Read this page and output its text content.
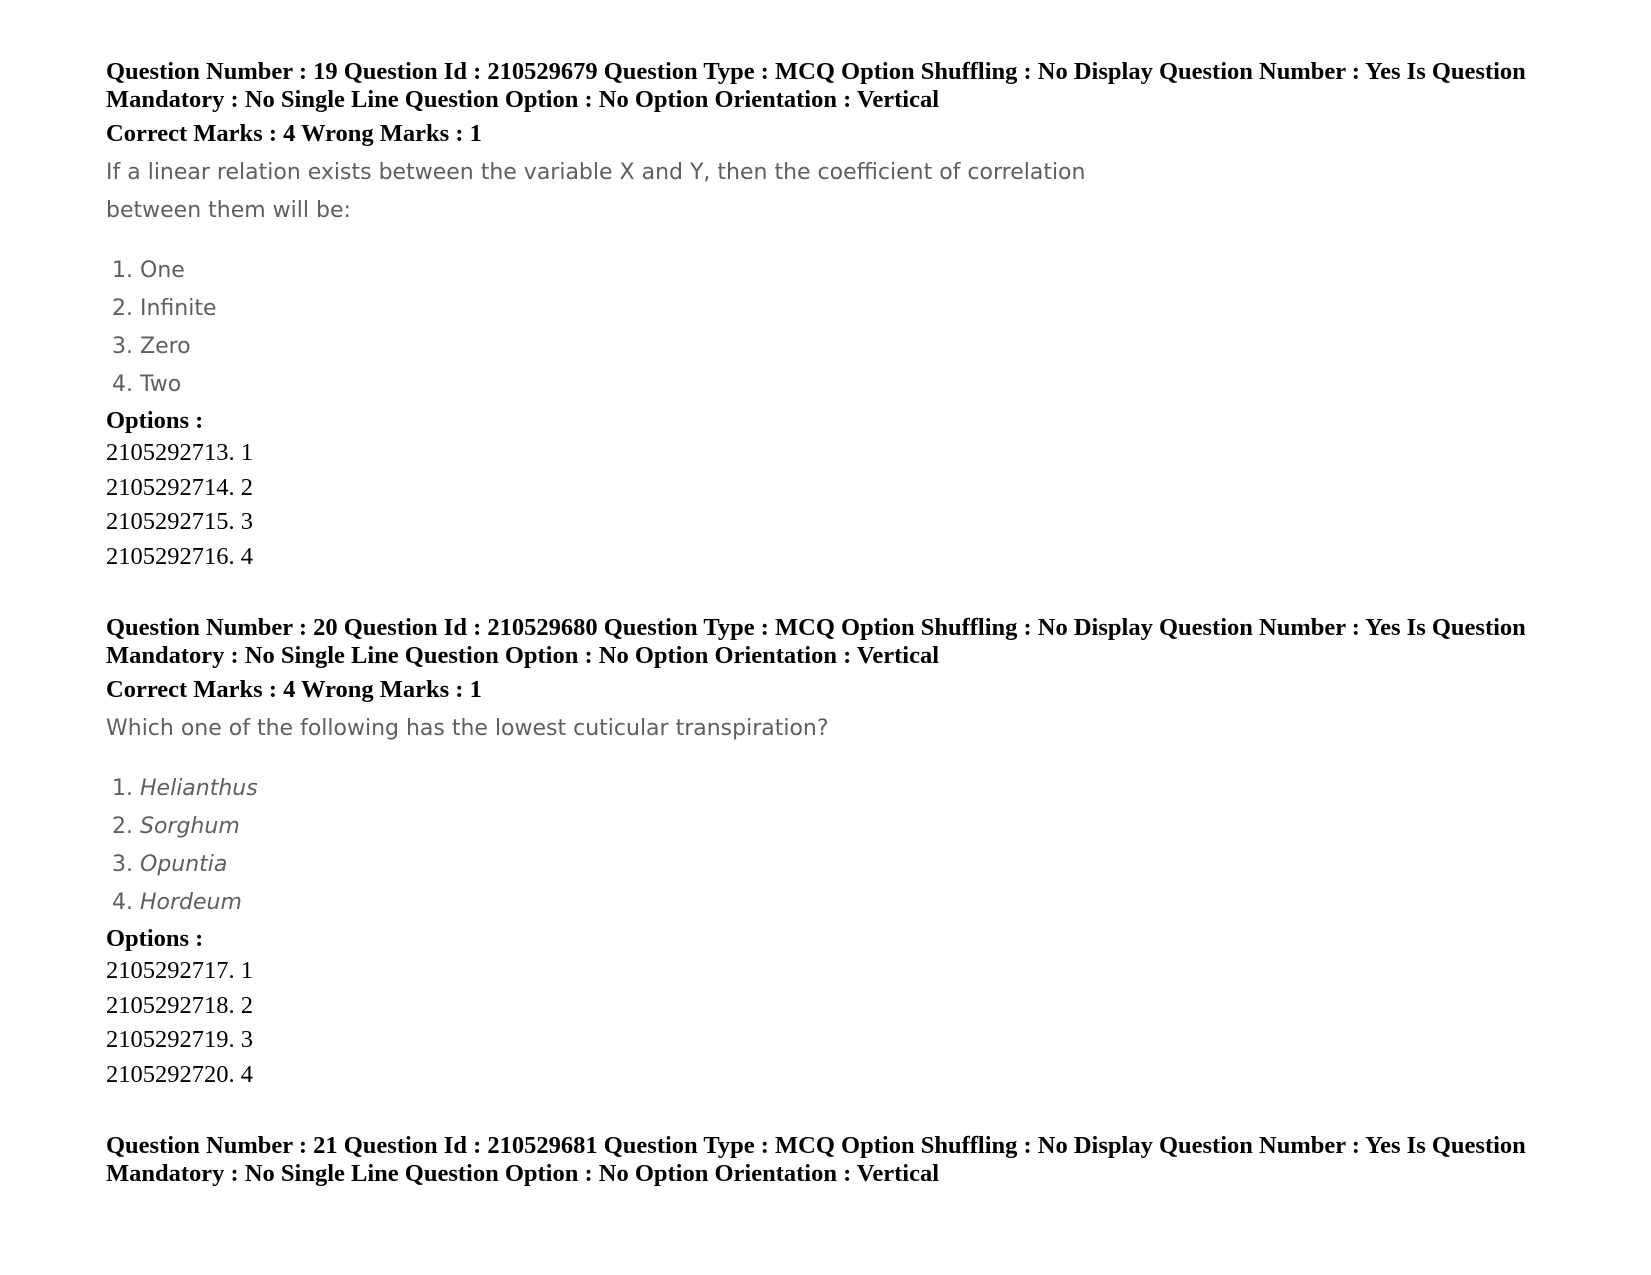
Question Number : 19 Question Id : 210529679 Question Type : MCQ Option Shuffling : No Display Question Number : Yes Is Question
Mandatory : No Single Line Question Option : No Option Orientation : Vertical
Correct Marks : 4 Wrong Marks : 1
If a linear relation exists between the variable X and Y, then the coefficient of correlation between them will be:
1. One
2. Infinite
3. Zero
4. Two
Options :
2105292713. 1
2105292714. 2
2105292715. 3
2105292716. 4
Question Number : 20 Question Id : 210529680 Question Type : MCQ Option Shuffling : No Display Question Number : Yes Is Question
Mandatory : No Single Line Question Option : No Option Orientation : Vertical
Correct Marks : 4 Wrong Marks : 1
Which one of the following has the lowest cuticular transpiration?
1. Helianthus
2. Sorghum
3. Opuntia
4. Hordeum
Options :
2105292717. 1
2105292718. 2
2105292719. 3
2105292720. 4
Question Number : 21 Question Id : 210529681 Question Type : MCQ Option Shuffling : No Display Question Number : Yes Is Question
Mandatory : No Single Line Question Option : No Option Orientation : Vertical
